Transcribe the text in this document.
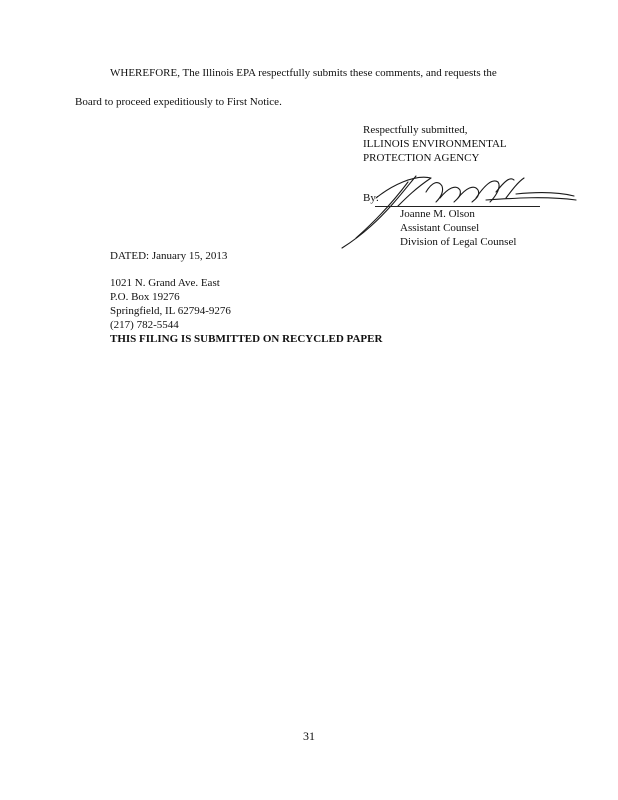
WHEREFORE, The Illinois EPA respectfully submits these comments, and requests the
Board to proceed expeditiously to First Notice.
Respectfully submitted,
ILLINOIS ENVIRONMENTAL
PROTECTION AGENCY
By:
Joanne M. Olson
Assistant Counsel
Division of Legal Counsel
DATED: January 15, 2013
1021 N. Grand Ave. East
P.O. Box 19276
Springfield, IL 62794-9276
(217) 782-5544
THIS FILING IS SUBMITTED ON RECYCLED PAPER
31
